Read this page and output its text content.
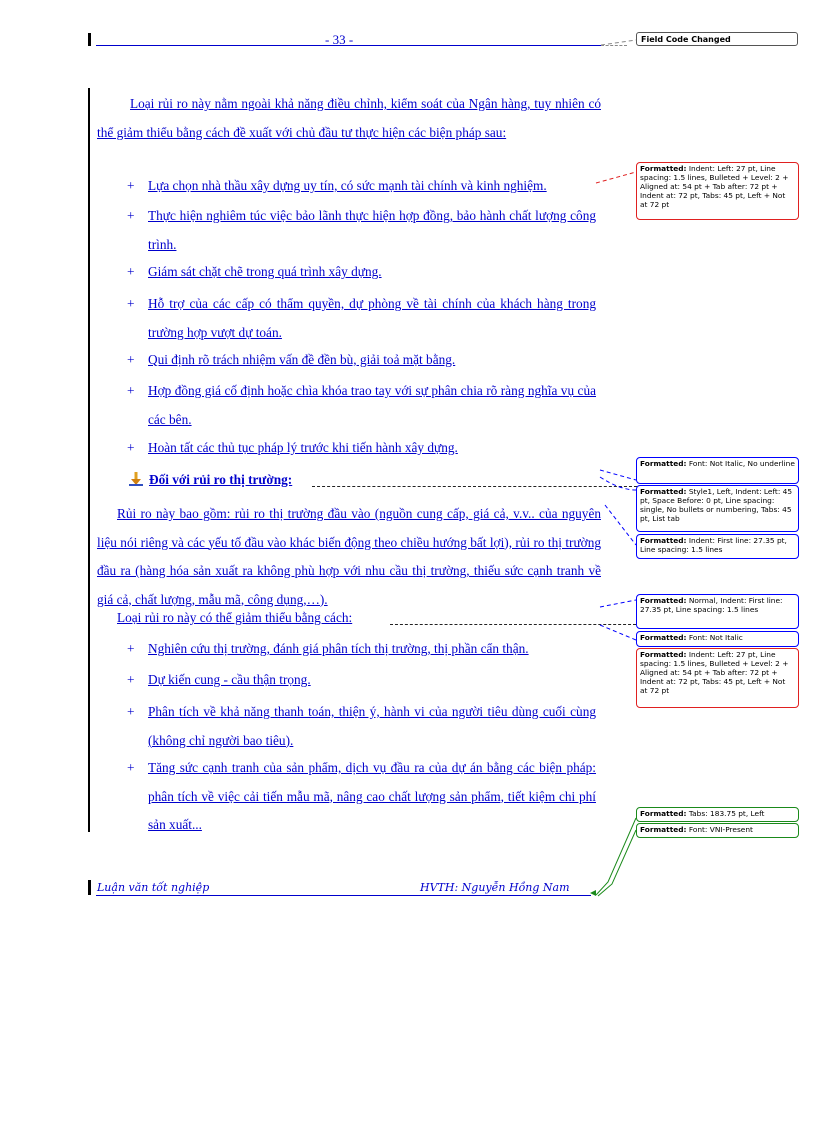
- 33 -	Field Code Changed
Loại rủi ro này nằm ngoài khả năng điều chỉnh, kiểm soát của Ngân hàng, tuy nhiên có thể giảm thiểu bằng cách đề xuất với chủ đầu tư thực hiện các biện pháp sau:
+ Lựa chọn nhà thầu xây dựng uy tín, có sức mạnh tài chính và kinh nghiệm.
+ Thực hiện nghiêm túc việc bảo lãnh thực hiện hợp đồng, bảo hành chất lượng công trình.
+ Giám sát chặt chẽ trong quá trình xây dựng.
+ Hỗ trợ của các cấp có thẩm quyền, dự phòng về tài chính của khách hàng trong trường hợp vượt dự toán.
+ Qui định rõ trách nhiệm vấn đề đền bù, giải toả mặt bằng.
+ Hợp đồng giá cố định hoặc chìa khóa trao tay với sự phân chia rõ ràng nghĩa vụ của các bên.
+ Hoàn tất các thủ tục pháp lý trước khi tiến hành xây dựng.
Đối với rủi ro thị trường:
Rủi ro này bao gồm: rủi ro thị trường đầu vào (nguồn cung cấp, giá cả, v.v.. của nguyên liệu nói riêng và các yếu tố đầu vào khác biến động theo chiều hướng bất lợi), rủi ro thị trường đầu ra (hàng hóa sản xuất ra không phù hợp với nhu cầu thị trường, thiếu sức cạnh tranh về giá cả, chất lượng, mẫu mã, công dụng,…).
Loại rủi ro này có thể giảm thiểu bằng cách:
+ Nghiên cứu thị trường, đánh giá phân tích thị trường, thị phần cẩn thận.
+ Dự kiến cung - cầu thận trọng.
+ Phân tích về khả năng thanh toán, thiện ý, hành vi của người tiêu dùng cuối cùng (không chỉ người bao tiêu).
+ Tăng sức cạnh tranh của sản phẩm, dịch vụ đầu ra của dự án bằng các biện pháp: phân tích về việc cải tiến mẫu mã, nâng cao chất lượng sản phẩm, tiết kiệm chi phí sản xuất...
Formatted: Indent: Left: 27 pt, Line spacing: 1.5 lines, Bulleted + Level: 2 + Aligned at: 54 pt + Tab after: 72 pt + Indent at: 72 pt, Tabs: 45 pt, Left + Not at 72 pt
Formatted: Font: Not Italic, No underline
Formatted: Style1, Left, Indent: Left: 45 pt, Space Before: 0 pt, Line spacing: single, No bullets or numbering, Tabs: 45 pt, List tab
Formatted: Indent: First line: 27.35 pt, Line spacing: 1.5 lines
Formatted: Normal, Indent: First line: 27.35 pt, Line spacing: 1.5 lines
Formatted: Font: Not Italic
Formatted: Indent: Left: 27 pt, Line spacing: 1.5 lines, Bulleted + Level: 2 + Aligned at: 54 pt + Tab after: 72 pt + Indent at: 72 pt, Tabs: 45 pt, Left + Not at 72 pt
Formatted: Tabs: 183.75 pt, Left
Formatted: Font: VNI-Present
Luận văn tốt nghiệp	HVTH: Nguyễn Hồng Nam
